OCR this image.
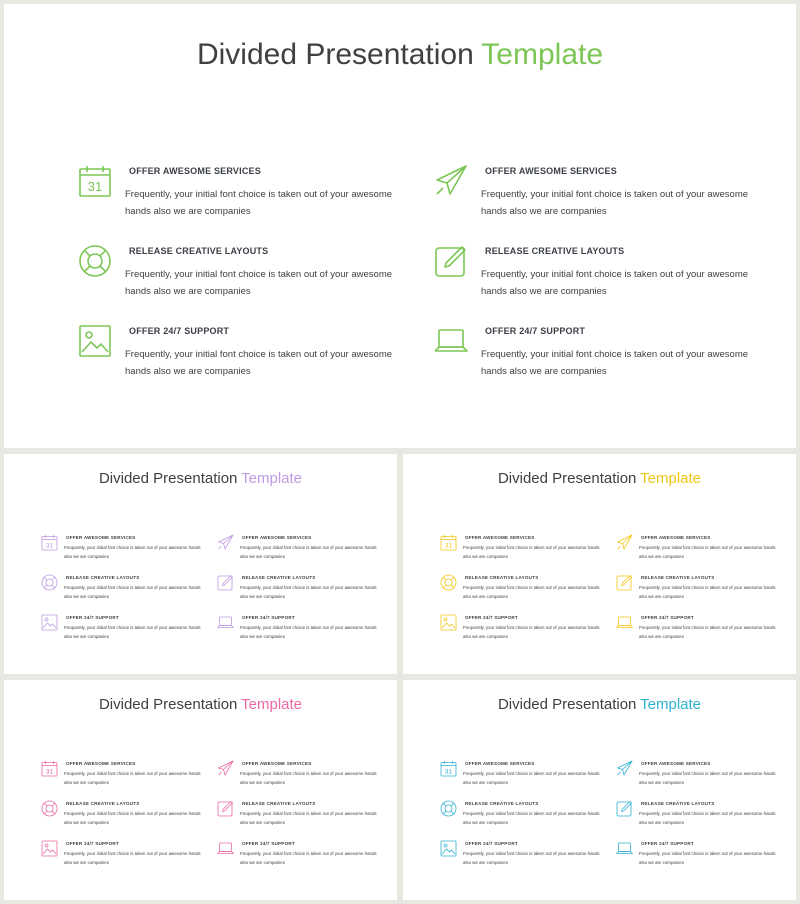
Divided Presentation Template
31
OFFER AWESOME SERVICES
Frequently, your initial font choice is taken out of your awesome hands also we are companies
RELEASE CREATIVE LAYOUTS
Frequently, your initial font choice is taken out of your awesome hands also we are companies
OFFER 24/7 SUPPORT
Frequently, your initial font choice is taken out of your awesome hands also we are companies
OFFER AWESOME SERVICES
Frequently, your initial font choice is taken out of your awesome hands also we are companies
RELEASE CREATIVE LAYOUTS
Frequently, your initial font choice is taken out of your awesome hands also we are companies
OFFER 24/7 SUPPORT
Frequently, your initial font choice is taken out of your awesome hands also we are companies
Divided Presentation Template
31
OFFER AWESOME SERVICES
Frequently, your initial font choice is taken out of your awesome hands also we are companies
RELEASE CREATIVE LAYOUTS
Frequently, your initial font choice is taken out of your awesome hands also we are companies
OFFER 24/7 SUPPORT
Frequently, your initial font choice is taken out of your awesome hands also we are companies
OFFER AWESOME SERVICES
Frequently, your initial font choice is taken out of your awesome hands also we are companies
RELEASE CREATIVE LAYOUTS
Frequently, your initial font choice is taken out of your awesome hands also we are companies
OFFER 24/7 SUPPORT
Frequently, your initial font choice is taken out of your awesome hands also we are companies
Divided Presentation Template
31
OFFER AWESOME SERVICES
Frequently, your initial font choice is taken out of your awesome hands also we are companies
RELEASE CREATIVE LAYOUTS
Frequently, your initial font choice is taken out of your awesome hands also we are companies
OFFER 24/7 SUPPORT
Frequently, your initial font choice is taken out of your awesome hands also we are companies
OFFER AWESOME SERVICES
Frequently, your initial font choice is taken out of your awesome hands also we are companies
RELEASE CREATIVE LAYOUTS
Frequently, your initial font choice is taken out of your awesome hands also we are companies
OFFER 24/7 SUPPORT
Frequently, your initial font choice is taken out of your awesome hands also we are companies
Divided Presentation Template
31
OFFER AWESOME SERVICES
Frequently, your initial font choice is taken out of your awesome hands also we are companies
RELEASE CREATIVE LAYOUTS
Frequently, your initial font choice is taken out of your awesome hands also we are companies
OFFER 24/7 SUPPORT
Frequently, your initial font choice is taken out of your awesome hands also we are companies
OFFER AWESOME SERVICES
Frequently, your initial font choice is taken out of your awesome hands also we are companies
RELEASE CREATIVE LAYOUTS
Frequently, your initial font choice is taken out of your awesome hands also we are companies
OFFER 24/7 SUPPORT
Frequently, your initial font choice is taken out of your awesome hands also we are companies
Divided Presentation Template
31
OFFER AWESOME SERVICES
Frequently, your initial font choice is taken out of your awesome hands also we are companies
RELEASE CREATIVE LAYOUTS
Frequently, your initial font choice is taken out of your awesome hands also we are companies
OFFER 24/7 SUPPORT
Frequently, your initial font choice is taken out of your awesome hands also we are companies
OFFER AWESOME SERVICES
Frequently, your initial font choice is taken out of your awesome hands also we are companies
RELEASE CREATIVE LAYOUTS
Frequently, your initial font choice is taken out of your awesome hands also we are companies
OFFER 24/7 SUPPORT
Frequently, your initial font choice is taken out of your awesome hands also we are companies
